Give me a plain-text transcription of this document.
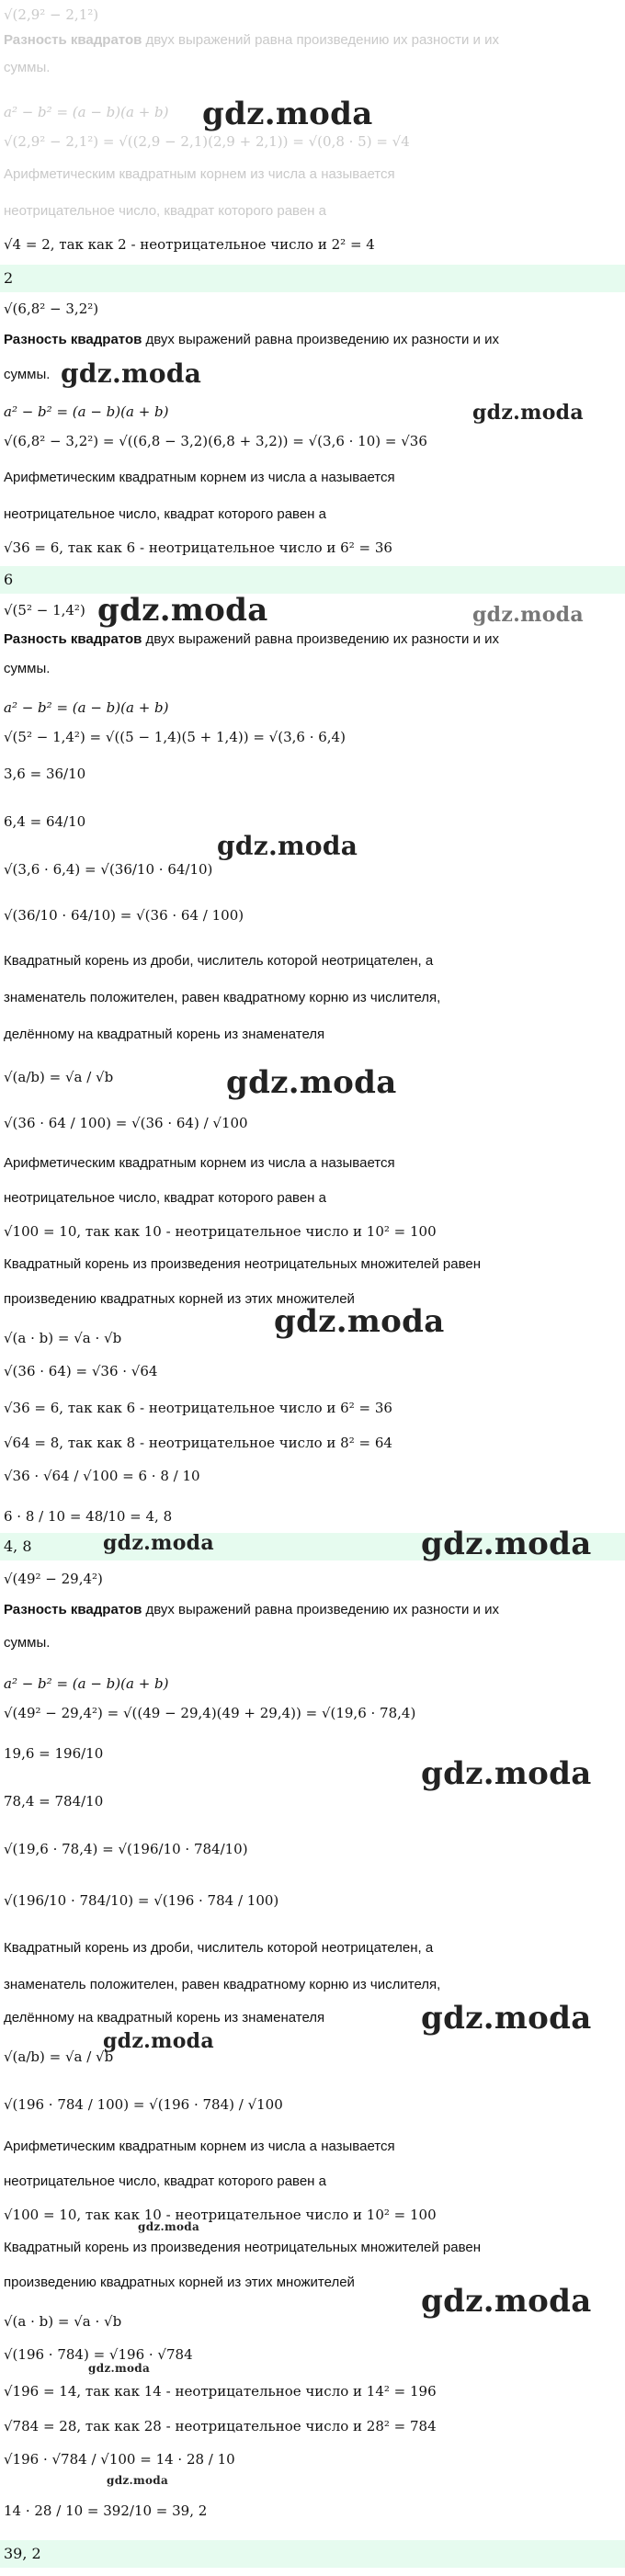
√(2,9² − 2,1²)
Разность квадратов двух выражений равна произведению их разности и их
суммы.
a² − b² = (a − b)(a + b)
√(2,9² − 2,1²) = √((2,9 − 2,1)(2,9 + 2,1)) = √(0,8 · 5) = √4
Арифметическим квадратным корнем из числа a называется
неотрицательное число, квадрат которого равен a
√4 = 2, так как 2 - неотрицательное число и 2² = 4
gdz.moda
2
√(6,8² − 3,2²)
Разность квадратов двух выражений равна произведению их разности и их
суммы. gdz.moda
a² − b² = (a − b)(a + b)	gdz.moda
√(6,8² − 3,2²) = √((6,8 − 3,2)(6,8 + 3,2)) = √(3,6 · 10) = √36
Арифметическим квадратным корнем из числа a называется
неотрицательное число, квадрат которого равен a
√36 = 6, так как 6 - неотрицательное число и 6² = 36
6
√(5² − 1,4²) gdz.moda	gdz.moda
Разность квадратов двух выражений равна произведению их разности и их
суммы.
a² − b² = (a − b)(a + b)
√(5² − 1,4²) = √((5 − 1,4)(5 + 1,4)) = √(3,6 · 6,4)
3,6 = 36/10
6,4 = 64/10
√(3,6 · 6,4) = √(36/10 · 64/10)
gdz.moda
√(36/10 · 64/10) = √(36 · 64 / 100)
Квадратный корень из дроби, числитель которой неотрицателен, а
знаменатель положителен, равен квадратному корню из числителя,
делённому на квадратный корень из знаменателя
√(a/b) = √a / √b	gdz.moda
√(36 · 64 / 100) = √(36 · 64) / √100
Арифметическим квадратным корнем из числа a называется
неотрицательное число, квадрат которого равен a
√100 = 10, так как 10 - неотрицательное число и 10² = 100
Квадратный корень из произведения неотрицательных множителей равен
произведению квадратных корней из этих множителей
gdz.moda
√(a · b) = √a · √b
√(36 · 64) = √36 · √64
√36 = 6, так как 6 - неотрицательное число и 6² = 36
√64 = 8, так как 8 - неотрицательное число и 8² = 64
√36 · √64 / √100 = 6 · 8 / 10
6 · 8 / 10 = 48/10 = 4, 8
4, 8	gdz.moda	gdz.moda
√(49² − 29,4²)
Разность квадратов двух выражений равна произведению их разности и их
суммы.
a² − b² = (a − b)(a + b)
√(49² − 29,4²) = √((49 − 29,4)(49 + 29,4)) = √(19,6 · 78,4)
19,6 = 196/10
gdz.moda
78,4 = 784/10
√(19,6 · 78,4) = √(196/10 · 784/10)
√(196/10 · 784/10) = √(196 · 784 / 100)
Квадратный корень из дроби, числитель которой неотрицателен, а
знаменатель положителен, равен квадратному корню из числителя,
делённому на квадратный корень из знаменателя	gdz.moda
√(a/b) = √a / √b
gdz.moda
√(196 · 784 / 100) = √(196 · 784) / √100
Арифметическим квадратным корнем из числа a называется
неотрицательное число, квадрат которого равен a
√100 = 10, так как 10 - неотрицательное число и 10² = 100
gdz.moda
Квадратный корень из произведения неотрицательных множителей равен
произведению квадратных корней из этих множителей
gdz.moda
√(a · b) = √a · √b
√(196 · 784) = √196 · √784
gdz.moda
√196 = 14, так как 14 - неотрицательное число и 14² = 196
√784 = 28, так как 28 - неотрицательное число и 28² = 784
√196 · √784 / √100 = 14 · 28 / 10
gdz.moda
14 · 28 / 10 = 392/10 = 39, 2
39, 2
